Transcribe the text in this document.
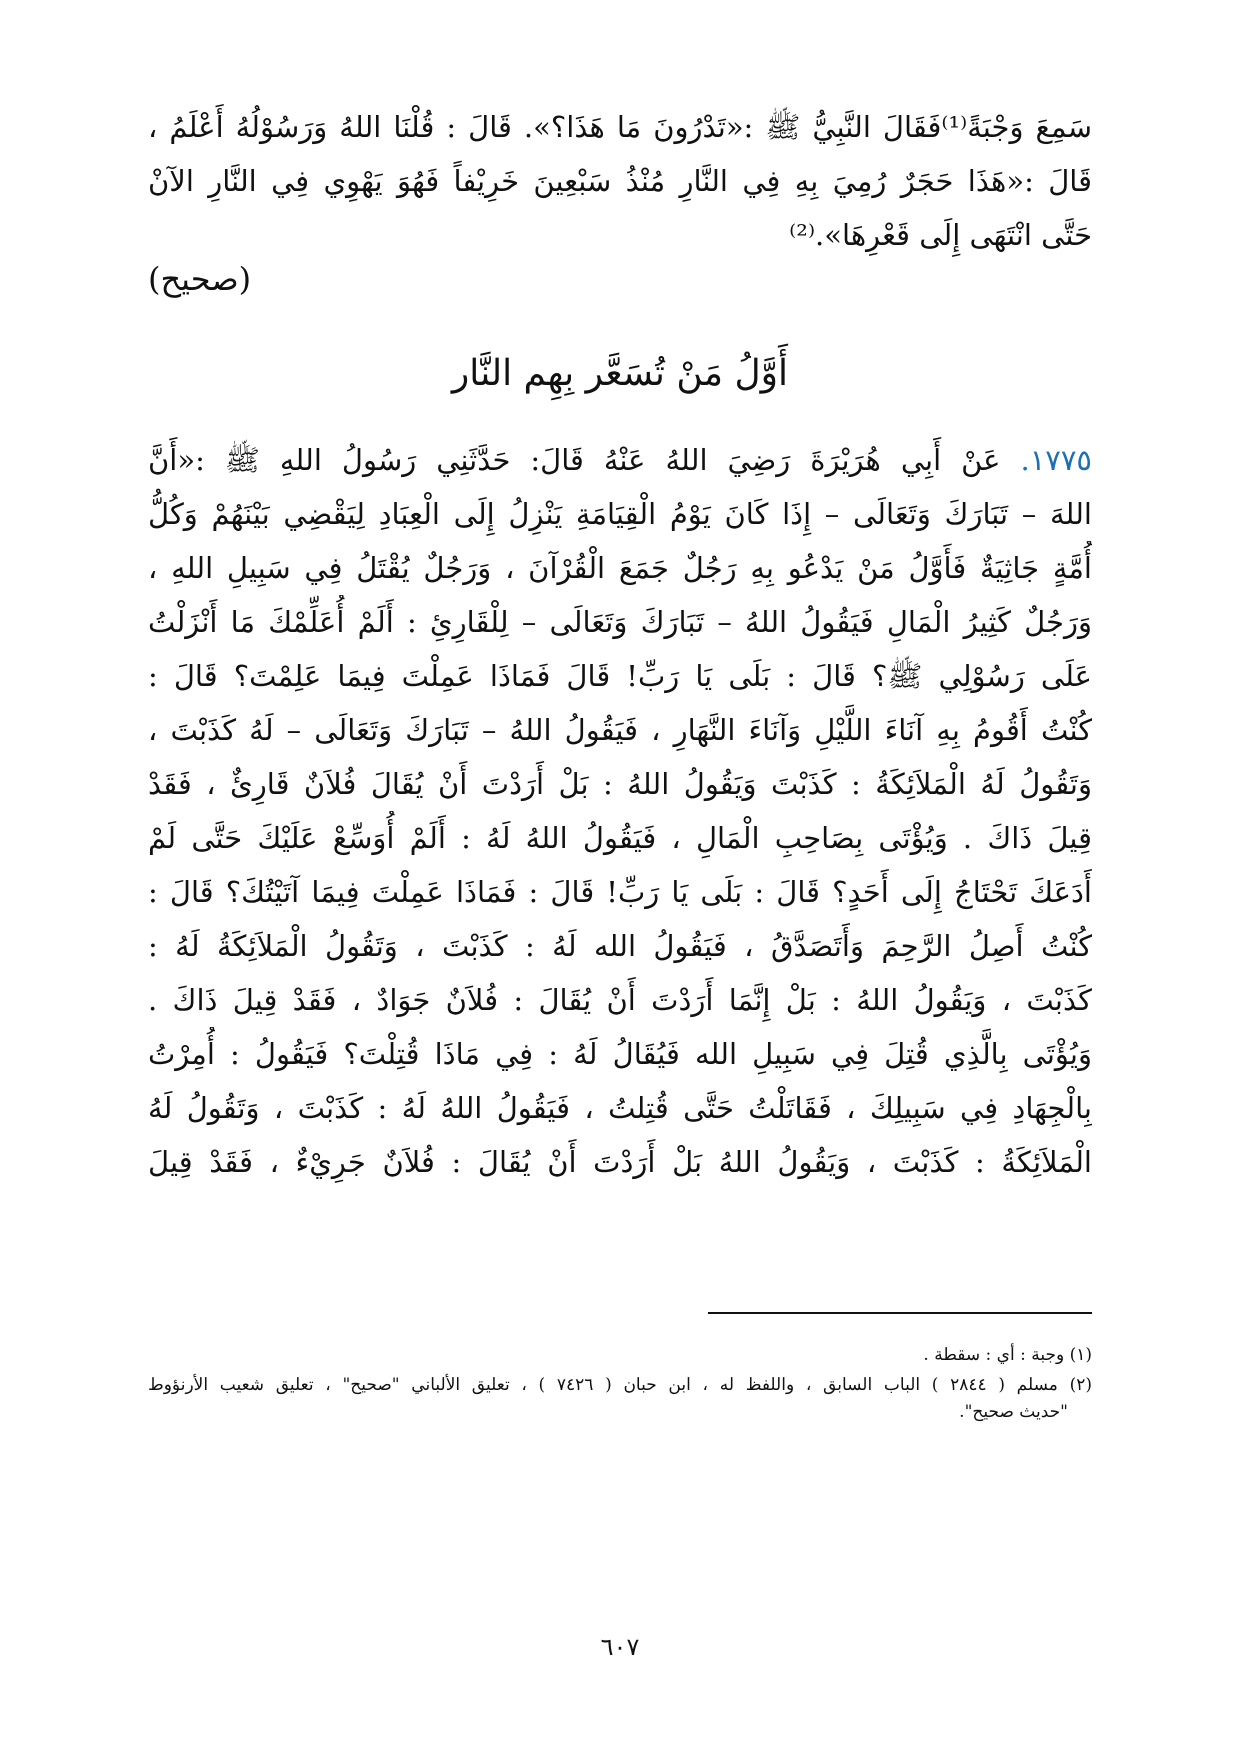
سَمِعَ وَجْبَةً⁽¹⁾فَقَالَ النَّبِيُّ ﷺ :«تَدْرُونَ مَا هَذَا؟». قَالَ : قُلْنَا اللهُ وَرَسُوْلُهُ أَعْلَمُ ،
قَالَ :«هَذَا حَجَرٌ رُمِيَ بِهِ فِي النَّارِ مُنْذُ سَبْعِينَ خَرِيْفاً فَهُوَ يَهْوِي فِي النَّارِ الآنْ
حَتَّى انْتَهَى إِلَى قَعْرِهَا».⁽²⁾
(صحيح)
أَوَّلُ مَنْ تُسَعَّر بِهِم النَّار
١٧٧٥. عَنْ أَبِي هُرَيْرَةَ رَضِيَ اللهُ عَنْهُ قَالَ: حَدَّثَنِي رَسُولُ اللهِ ﷺ :«أَنَّ
اللهَ – تَبَارَكَ وَتَعَالَى – إِذَا كَانَ يَوْمُ الْقِيَامَةِ يَنْزِلُ إِلَى الْعِبَادِ لِيَقْضِي بَيْنَهُمْ وَكُلُّ
أُمَّةٍ جَاثِيَةٌ فَأَوَّلُ مَنْ يَدْعُو بِهِ رَجُلٌ جَمَعَ الْقُرْآنَ ، وَرَجُلٌ يُقْتَلُ فِي سَبِيلِ اللهِ ،
وَرَجُلٌ كَثِيرُ الْمَالِ فَيَقُولُ اللهُ – تَبَارَكَ وَتَعَالَى – لِلْقَارِئِ : أَلَمْ أُعَلِّمْكَ مَا أَنْزَلْتُ
عَلَى رَسُوْلِي ﷺ؟ قَالَ : بَلَى يَا رَبِّ! قَالَ فَمَاذَا عَمِلْتَ فِيمَا عَلِمْتَ؟ قَالَ :
كُنْتُ أَقُومُ بِهِ آنَاءَ اللَّيْلِ وَآنَاءَ النَّهَارِ ، فَيَقُولُ اللهُ – تَبَارَكَ وَتَعَالَى – لَهُ كَذَبْتَ ،
وَتَقُولُ لَهُ الْمَلاَئِكَةُ : كَذَبْتَ وَيَقُولُ اللهُ : بَلْ أَرَدْتَ أَنْ يُقَالَ فُلاَنٌ قَارِئٌ ، فَقَدْ
قِيلَ ذَاكَ . وَيُؤْتَى بِصَاحِبِ الْمَالِ ، فَيَقُولُ اللهُ لَهُ : أَلَمْ أُوَسِّعْ عَلَيْكَ حَتَّى لَمْ
أَدَعَكَ تَحْتَاجُ إِلَى أَحَدٍ؟ قَالَ : بَلَى يَا رَبِّ! قَالَ : فَمَاذَا عَمِلْتَ فِيمَا آتَيْتُكَ؟ قَالَ :
كُنْتُ أَصِلُ الرَّحِمَ وَأَتَصَدَّقُ ، فَيَقُولُ الله لَهُ : كَذَبْتَ ، وَتَقُولُ الْمَلاَئِكَةُ لَهُ :
كَذَبْتَ ، وَيَقُولُ اللهُ : بَلْ إِنَّمَا أَرَدْتَ أَنْ يُقَالَ : فُلاَنٌ جَوَادٌ ، فَقَدْ قِيلَ ذَاكَ .
وَيُؤْتَى بِالَّذِي قُتِلَ فِي سَبِيلِ الله فَيُقَالُ لَهُ : فِي مَاذَا قُتِلْتَ؟ فَيَقُولُ : أُمِرْتُ
بِالْجِهَادِ فِي سَبِيلِكَ ، فَقَاتَلْتُ حَتَّى قُتِلتُ ، فَيَقُولُ اللهُ لَهُ : كَذَبْتَ ، وَتَقُولُ لَهُ
الْمَلاَئِكَةُ : كَذَبْتَ ، وَيَقُولُ اللهُ بَلْ أَرَدْتَ أَنْ يُقَالَ : فُلاَنٌ جَرِيْءٌ ، فَقَدْ قِيلَ
(١) وجبة : أي : سقطة .
(٢) مسلم ( ٢٨٤٤ ) الباب السابق ، واللفظ له ، ابن حبان ( ٧٤٢٦ ) ، تعليق الألباني "صحيح" ، تعليق شعيب الأرنؤوط
"حديث صحيح".
٦٠٧
